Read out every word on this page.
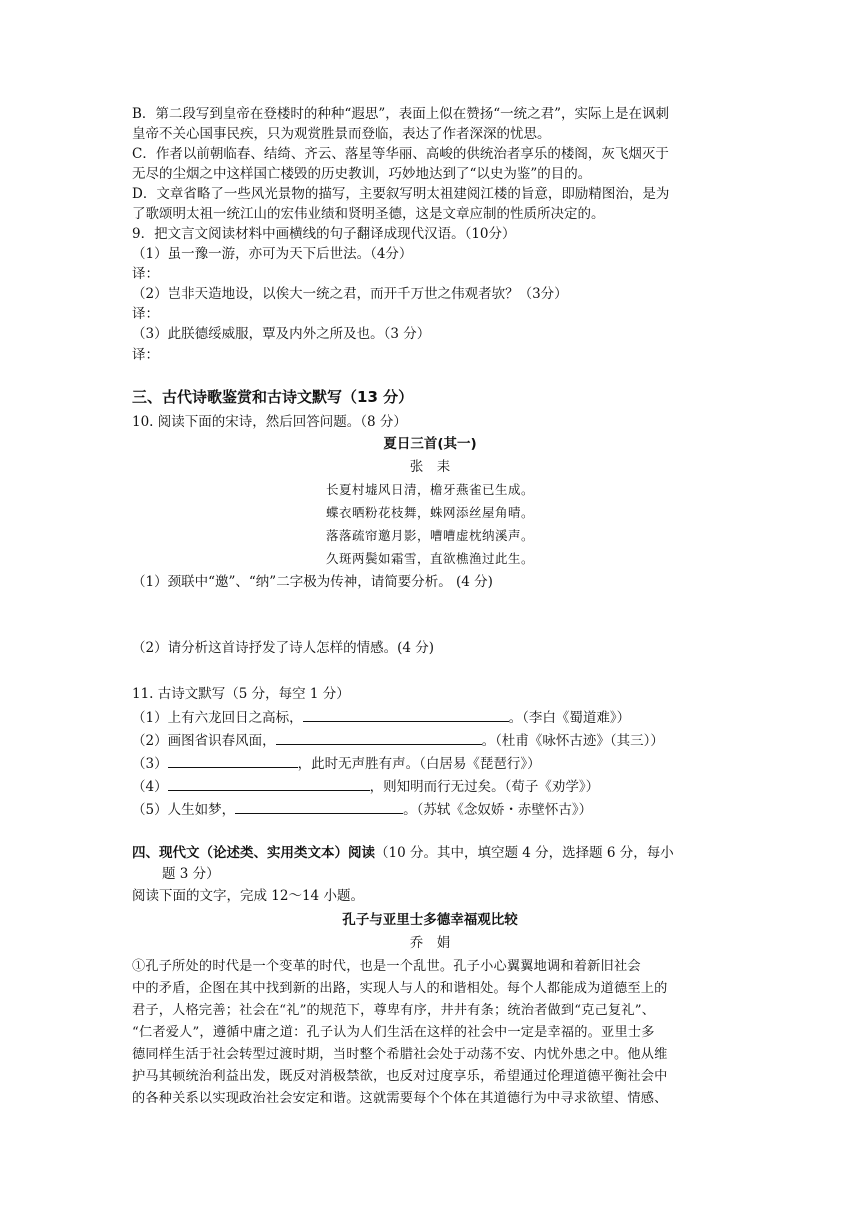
B．第二段写到皇帝在登楼时的种种“遐思”，表面上似在赞扬“一统之君”，实际上是在讽刺
皇帝不关心国事民疾，只为观赏胜景而登临，表达了作者深深的忧思。
C．作者以前朝临春、结绮、齐云、落星等华丽、高峻的供统治者享乐的楼阁，灰飞烟灭于
无尽的尘烟之中这样国亡楼毁的历史教训，巧妙地达到了“以史为鉴”的目的。
D．文章省略了一些风光景物的描写，主要叙写明太祖建阅江楼的旨意，即励精图治，是为
了歌颂明太祖一统江山的宏伟业绩和贤明圣德，这是文章应制的性质所决定的。
9．把文言文阅读材料中画横线的句子翻译成现代汉语。（10分）
（1）虽一豫一游，亦可为天下后世法。（4分）
译：
（2）岂非天造地设，以俟大一统之君，而开千万世之伟观者欤？（3分）
译：
（3）此朕德绥威服，覃及内外之所及也。（3 分）
译：
三、古代诗歌鉴赏和古诗文默写（13 分）
10. 阅读下面的宋诗，然后回答问题。（8 分）
夏日三首(其一)
张　耒
长夏村墟风日清，檐牙燕雀已生成。
蝶衣晒粉花枝舞，蛛网添丝屋角晴。
落落疏帘邀月影，嘈嘈虚枕纳溪声。
久斑两鬓如霜雪，直欲樵渔过此生。
（1）颈联中“邀”、“纳”二字极为传神，请简要分析。 (4 分)
（2）请分析这首诗抒发了诗人怎样的情感。(4 分)
11. 古诗文默写（5 分，每空 1 分）
（1）上有六龙回日之高标，	。（李白《蜀道难》）
（2）画图省识春风面，	。（杜甫《咏怀古迹》（其三））
（3）	，此时无声胜有声。（白居易《琵琶行》）
（4）	，则知明而行无过矣。（荀子《劝学》）
（5）人生如梦，	。（苏轼《念奴娇・赤壁怀古》）
四、现代文（论述类、实用类文本）阅读（10 分。其中，填空题 4 分，选择题 6 分，每小
题 3 分）
阅读下面的文字，完成 12～14 小题。
孔子与亚里士多德幸福观比较
乔　娟
①孔子所处的时代是一个变革的时代，也是一个乱世。孔子小心翼翼地调和着新旧社会
中的矛盾，企图在其中找到新的出路，实现人与人的和谐相处。每个人都能成为道德至上的
君子，人格完善；社会在“礼”的规范下，尊卑有序，井井有条；统治者做到“克己复礼”、
“仁者爱人”，遵循中庸之道：孔子认为人们生活在这样的社会中一定是幸福的。亚里士多
德同样生活于社会转型过渡时期，当时整个希腊社会处于动荡不安、内忧外患之中。他从维
护马其顿统治利益出发，既反对消极禁欲，也反对过度享乐，希望通过伦理道德平衡社会中
的各种关系以实现政治社会安定和谐。这就需要每个个体在其道德行为中寻求欲望、情感、
